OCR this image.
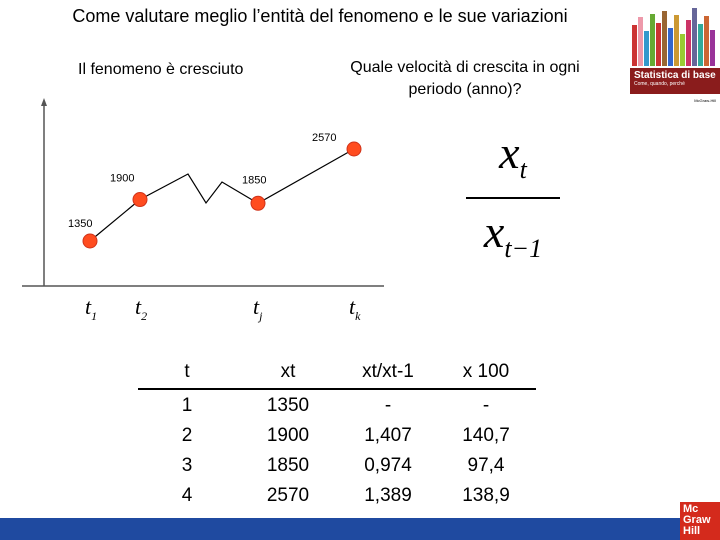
Come valutare meglio l’entità del fenomeno e le sue variazioni
Il fenomeno è cresciuto	Quale velocità di crescita in ogni periodo (anno)?
1350
$t_1$
1900
$t_2$
1850
$t_j$
2570
$t_k$
$x_t$
$x_{t-1}$
Statistica di base
Come, quando, perché
McGraw-Hill
t	xt	xt/xt-1	x 100
1	1350	-	-
2	1900	1,407	140,7
3	1850	0,974	97,4
4	2570	1,389	138,9
Mc
Graw
Hill
